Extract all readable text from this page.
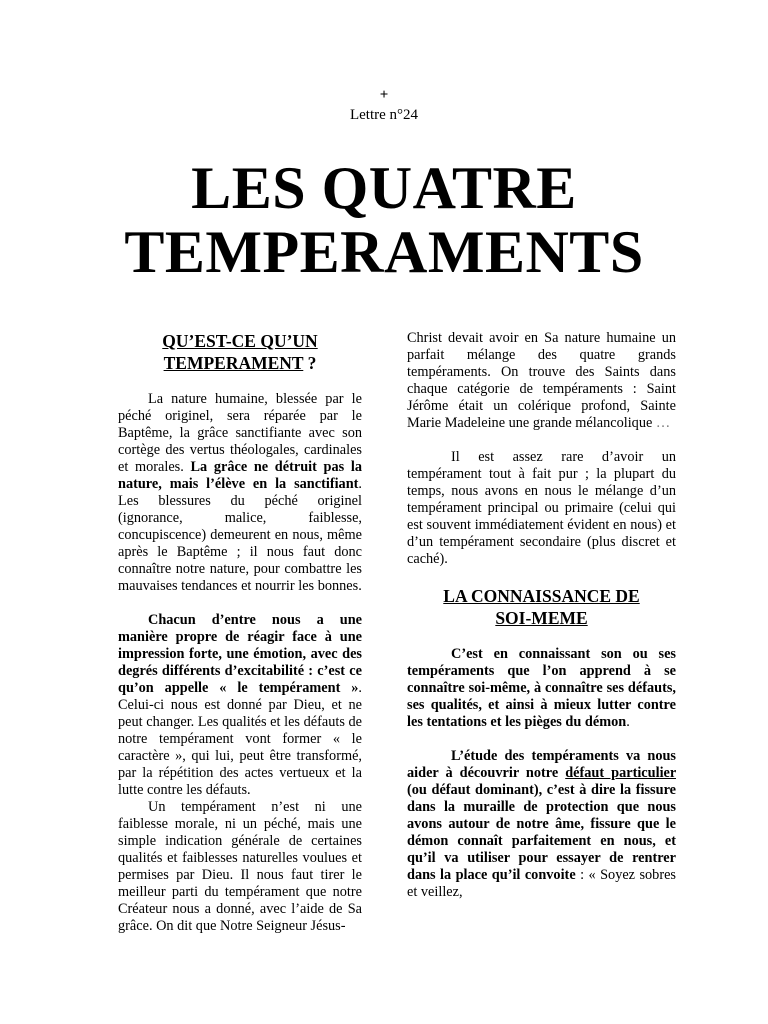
+
Lettre n°24
LES QUATRE
TEMPERAMENTS
QU’EST-CE QU’UN
TEMPERAMENT ?

La nature humaine, blessée par le péché originel, sera réparée par le Baptême, la grâce sanctifiante avec son cortège des vertus théologales, cardinales et morales. La grâce ne détruit pas la nature, mais l’élève en la sanctifiant. Les blessures du péché originel (ignorance, malice, faiblesse, concupiscence) demeurent en nous, même après le Baptême ; il nous faut donc connaître notre nature, pour combattre les mauvaises tendances et nourrir les bonnes.

Chacun d’entre nous a une manière propre de réagir face à une impression forte, une émotion, avec des degrés différents d’excitabilité : c’est ce qu’on appelle « le tempérament ». Celui-ci nous est donné par Dieu, et ne peut changer. Les qualités et les défauts de notre tempérament vont former « le caractère », qui lui, peut être transformé, par la répétition des actes vertueux et la lutte contre les défauts.

Un tempérament n’est ni une faiblesse morale, ni un péché, mais une simple indication générale de certaines qualités et faiblesses naturelles voulues et permises par Dieu. Il nous faut tirer le meilleur parti du tempérament que notre Créateur nous a donné, avec l’aide de Sa grâce. On dit que Notre Seigneur Jésus-

Christ devait avoir en Sa nature humaine un parfait mélange des quatre grands tempéraments. On trouve des Saints dans chaque catégorie de tempéraments : Saint Jérôme était un colérique profond, Sainte Marie Madeleine une grande mélancolique …

Il est assez rare d’avoir un tempérament tout à fait pur ; la plupart du temps, nous avons en nous le mélange d’un tempérament principal ou primaire (celui qui est souvent immédiatement évident en nous) et d’un tempérament secondaire (plus discret et caché).

LA CONNAISSANCE DE
SOI-MEME

C’est en connaissant son ou ses tempéraments que l’on apprend à se connaître soi-même, à connaître ses défauts, ses qualités, et ainsi à mieux lutter contre les tentations et les pièges du démon.

L’étude des tempéraments va nous aider à découvrir notre défaut particulier (ou défaut dominant), c’est à dire la fissure dans la muraille de protection que nous avons autour de notre âme, fissure que le démon connaît parfaitement en nous, et qu’il va utiliser pour essayer de rentrer dans la place qu’il convoite : « Soyez sobres et veillez,
